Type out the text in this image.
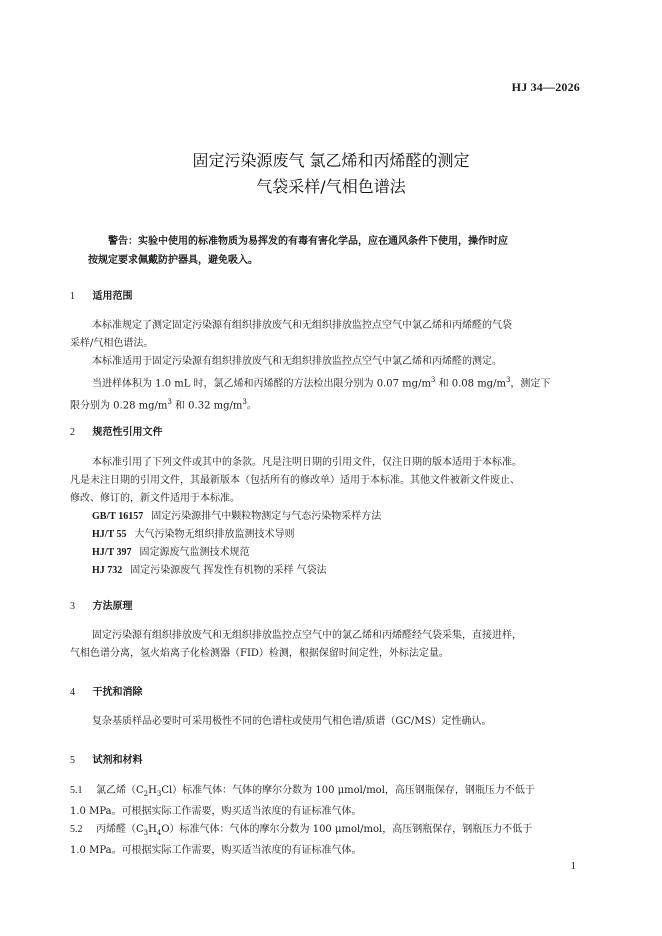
HJ 34—2026
固定污染源废气 氯乙烯和丙烯醛的测定
气袋采样/气相色谱法
警告：实验中使用的标准物质为易挥发的有毒有害化学品，应在通风条件下使用，操作时应
按规定要求佩戴防护器具，避免吸入。
1 适用范围
本标准规定了测定固定污染源有组织排放废气和无组织排放监控点空气中氯乙烯和丙烯醛的气袋
采样/气相色谱法。
本标准适用于固定污染源有组织排放废气和无组织排放监控点空气中氯乙烯和丙烯醛的测定。
当进样体积为 1.0 mL 时，氯乙烯和丙烯醛的方法检出限分别为 0.07 $mg/m^3$ 和 0.08 $mg/m^3$，测定下
限分别为 0.28 $mg/m^3$ 和 0.32 $mg/m^3$。
2 规范性引用文件
本标准引用了下列文件或其中的条款。凡是注明日期的引用文件，仅注日期的版本适用于本标准。
凡是未注日期的引用文件，其最新版本（包括所有的修改单）适用于本标准。其他文件被新文件废止、
修改、修订的，新文件适用于本标准。
GB/T 16157 固定污染源排气中颗粒物测定与气态污染物采样方法
HJ/T 55 大气污染物无组织排放监测技术导则
HJ/T 397 固定源废气监测技术规范
HJ 732 固定污染源废气 挥发性有机物的采样 气袋法
3 方法原理
固定污染源有组织排放废气和无组织排放监控点空气中的氯乙烯和丙烯醛经气袋采集，直接进样，
气相色谱分离，氢火焰离子化检测器（FID）检测，根据保留时间定性，外标法定量。
4 干扰和消除
复杂基质样品必要时可采用极性不同的色谱柱或使用气相色谱/质谱（GC/MS）定性确认。
5 试剂和材料
5.1 氯乙烯$(C_2H_3Cl)$标准气体：气体的摩尔分数为 100 μmol/mol，高压钢瓶保存，钢瓶压力不低于
1.0 MPa。可根据实际工作需要，购买适当浓度的有证标准气体。
5.2 丙烯醛$(C_3H_4O)$标准气体：气体的摩尔分数为 100 μmol/mol，高压钢瓶保存，钢瓶压力不低于
1.0 MPa。可根据实际工作需要，购买适当浓度的有证标准气体。
1
